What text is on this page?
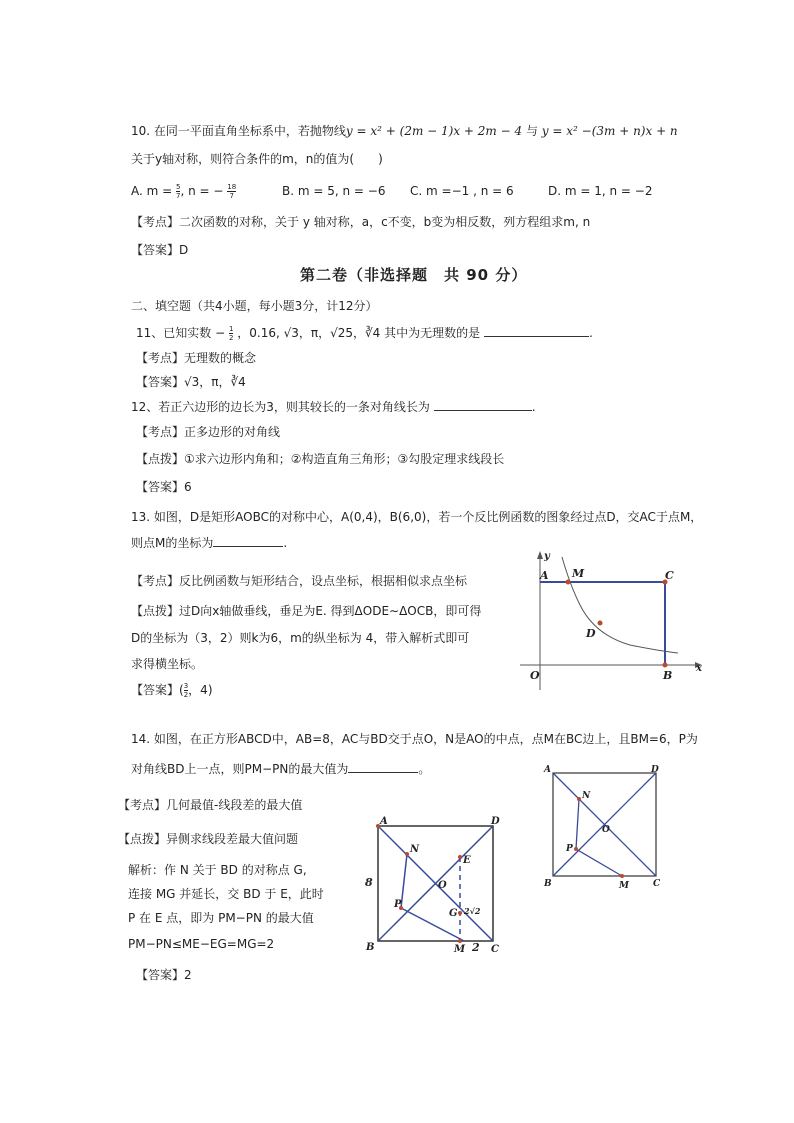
10. 在同一平面直角坐标系中，若抛物线y = x² + (2m − 1)x + 2m − 4 与 y = x² −(3m + n)x + n
关于y轴对称，则符合条件的m，n的值为(　　)
A. $m = \frac{5}{7}$ , n = − $\frac{18}{7}$	B. m = 5, n = −6 C. m =−1 , n = 6	D. m = 1, n = −2
【考点】二次函数的对称，关于 y 轴对称，a，c不变，b变为相反数，列方程组求m, n
【答案】D
第二卷（非选择题　共 90 分）
二、填空题（共4小题，每小题3分，计12分）
11、已知实数 − $\frac{1}{2}$ ，0.16, √3，π，√25，∛4 其中为无理数的是	.
【考点】无理数的概念
【答案】√3，π，∛4
12、若正六边形的边长为3，则其较长的一条对角线长为	.
【考点】正多边形的对角线
【点拨】①求六边形内角和；②构造直角三角形；③勾股定理求线段长
【答案】6
13. 如图，D是矩形AOBC的对称中心，A(0,4)，B(6,0)，若一个反比例函数的图象经过点D，交AC于点M，
则点M的坐标为	.
【考点】反比例函数与矩形结合，设点坐标，根据相似求点坐标
【点拨】过D向x轴做垂线，垂足为E. 得到ΔODE∼ΔOCB，即可得
D的坐标为（3，2）则k为6，m的纵坐标为 4，带入解析式即可
求得横坐标。
【答案】( $\frac{3}{2}$ ，4)
y
A M	C
D
O	B
x
14. 如图，在正方形ABCD中，AB=8，AC与BD交于点O，N是AO的中点，点M在BC边上，且BM=6，P为
对角线BD上一点，则PM−PN的最大值为	。
【考点】几何最值-线段差的最大值
【点拨】异侧求线段差最大值问题
解析：作 N 关于 BD 的对称点 G,
连接 MG 并延长，交 BD 于 E，此时
P 在 E 点，即为 PM−PN 的最大值
PM−PN≤ME−EG=MG=2
【答案】2
A	D
N
E
O
8
P
G 2√2
B	M 2 C
A	D
N
O
P
B	M	C
